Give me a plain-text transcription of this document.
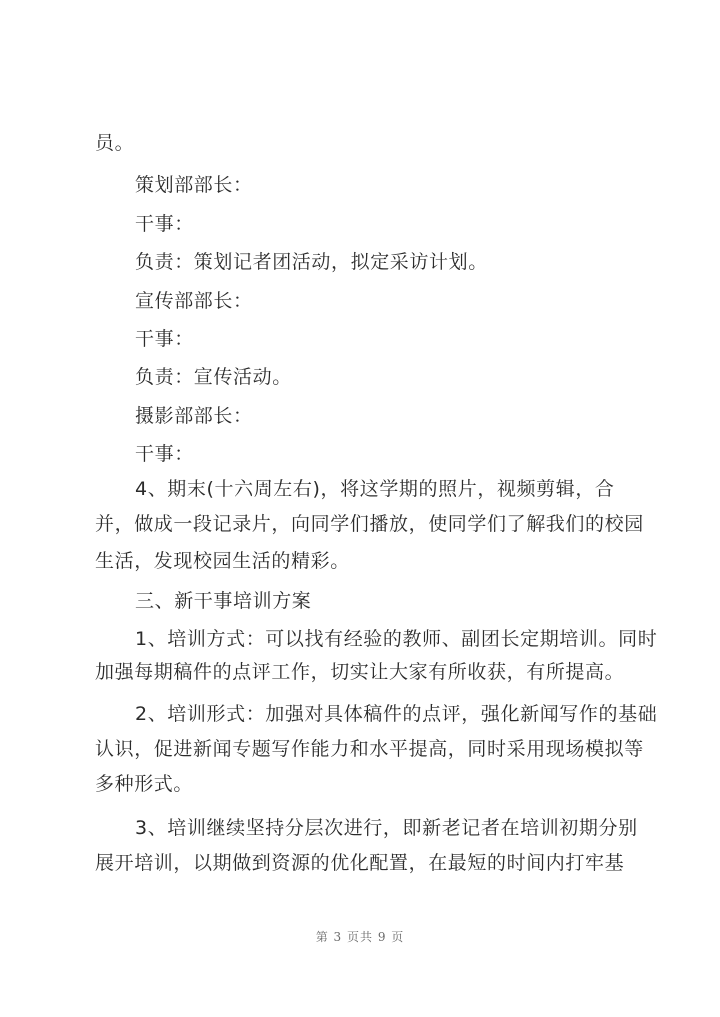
员。
策划部部长：
干事：
负责：策划记者团活动，拟定采访计划。
宣传部部长：
干事：
负责：宣传活动。
摄影部部长：
干事：
4、期末(十六周左右)，将这学期的照片，视频剪辑，合
并，做成一段记录片，向同学们播放，使同学们了解我们的校园
生活，发现校园生活的精彩。
三、新干事培训方案
1、培训方式：可以找有经验的教师、副团长定期培训。同时
加强每期稿件的点评工作，切实让大家有所收获，有所提高。
2、培训形式：加强对具体稿件的点评，强化新闻写作的基础
认识，促进新闻专题写作能力和水平提高，同时采用现场模拟等
多种形式。
3、培训继续坚持分层次进行，即新老记者在培训初期分别
展开培训，以期做到资源的优化配置，在最短的时间内打牢基
第 3 页共 9 页
